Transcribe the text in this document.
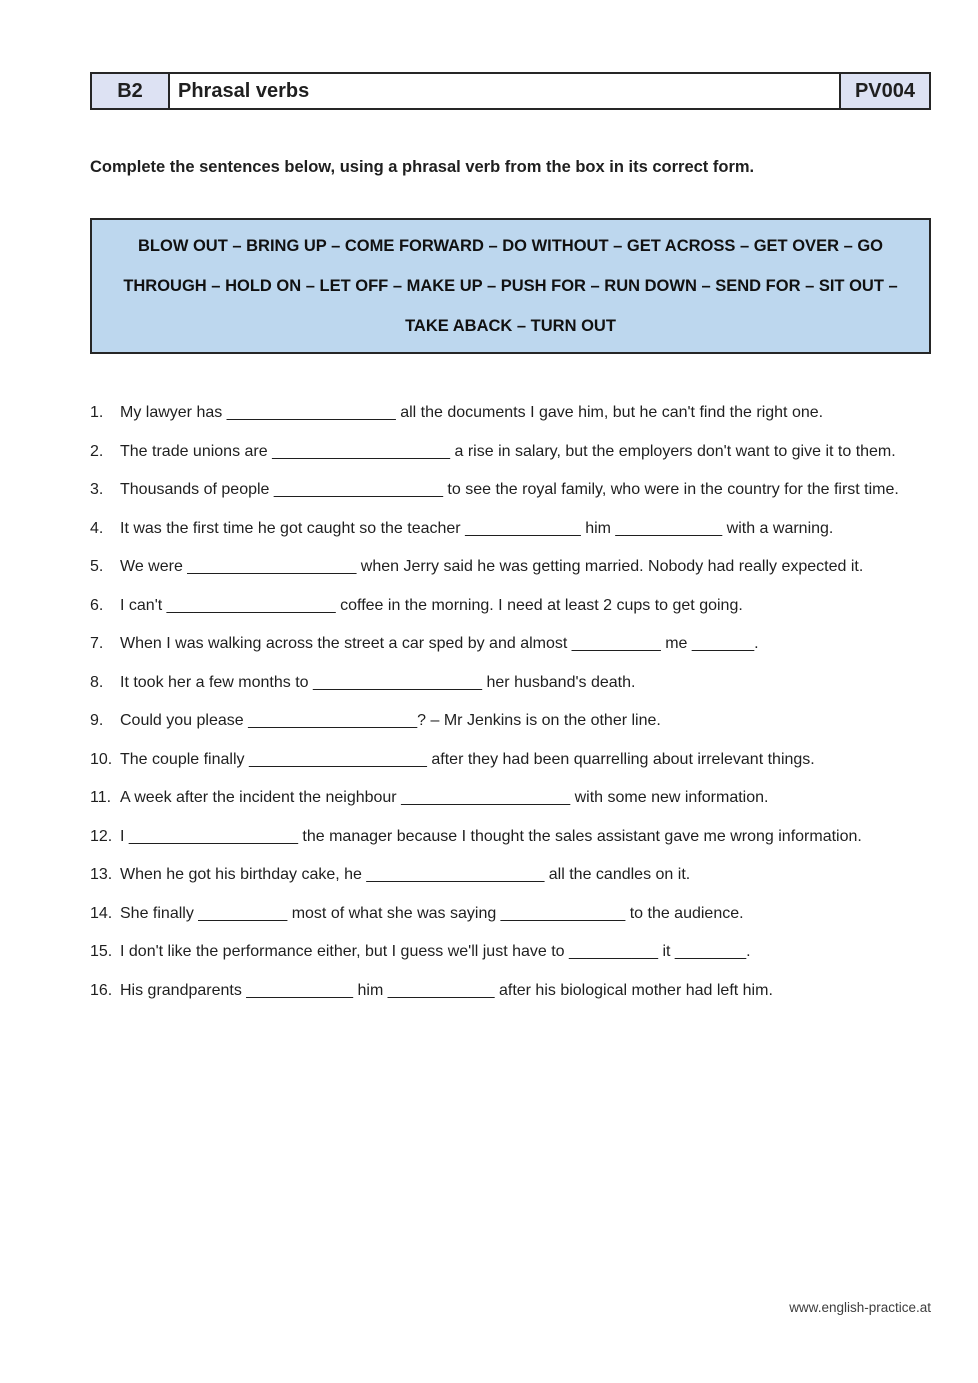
B2	Phrasal verbs	PV004

Complete the sentences below, using a phrasal verb from the box in its correct form.

BLOW OUT – BRING UP – COME FORWARD – DO WITHOUT – GET ACROSS – GET OVER – GO THROUGH – HOLD ON – LET OFF – MAKE UP – PUSH FOR – RUN DOWN – SEND FOR – SIT OUT – TAKE ABACK – TURN OUT
1.	My lawyer has ___________________ all the documents I gave him, but he can't find the right one.
2.	The trade unions are ____________________ a rise in salary, but the employers don't want to give it to them.
3.	Thousands of people ___________________ to see the royal family, who were in the country for the first time.
4.	It was the first time he got caught so the teacher _____________ him ____________ with a warning.
5.	We were ___________________ when Jerry said he was getting married. Nobody had really expected it.
6.	I can't ___________________ coffee in the morning. I need at least 2 cups to get going.
7.	When I was walking across the street a car sped by and almost __________ me _______.
8.	It took her a few months to ___________________ her husband's death.
9.	Could you please ___________________? – Mr Jenkins is on the other line.
10. The couple finally ____________________ after they had been quarrelling about irrelevant things.
11. A week after the incident the neighbour ___________________ with some new information.
12. I ___________________ the manager because I thought the sales assistant gave me wrong information.
13. When he got his birthday cake, he ____________________ all the candles on it.
14. She finally __________ most of what she was saying ______________ to the audience.
15. I don't like the performance either, but I guess we'll just have to __________ it ________.
16. His grandparents ____________ him ____________ after his biological mother had left him.
www.english-practice.at
